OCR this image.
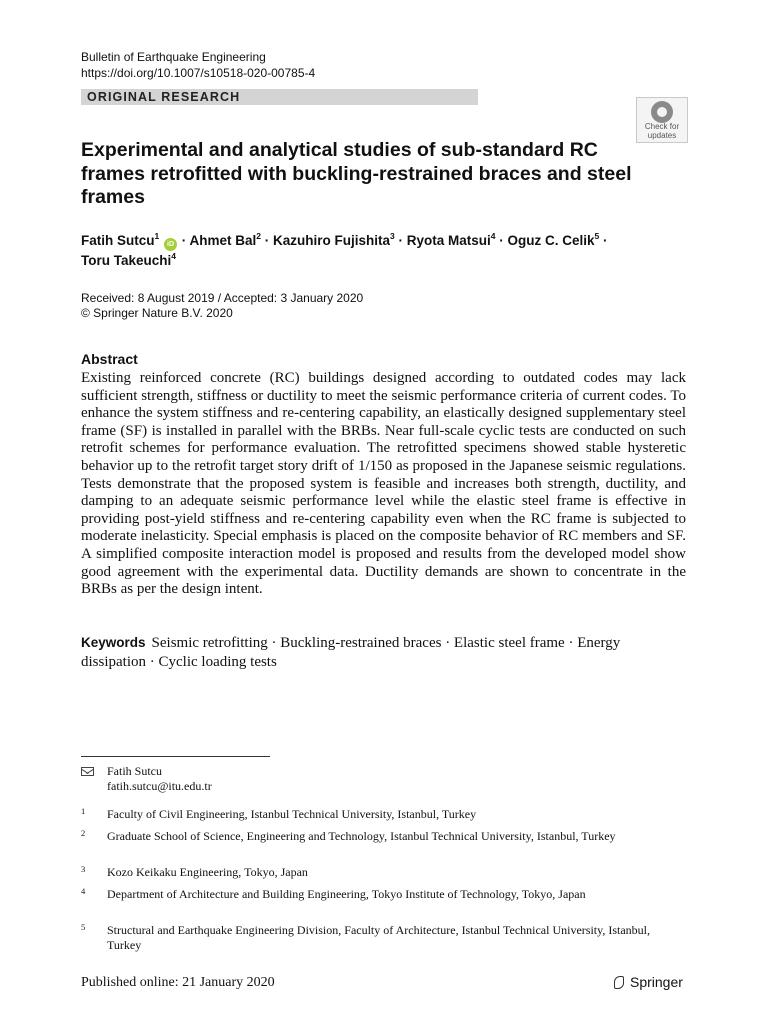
Bulletin of Earthquake Engineering
https://doi.org/10.1007/s10518-020-00785-4
ORIGINAL RESEARCH
Check for updates
Experimental and analytical studies of sub-standard RC frames retrofitted with buckling-restrained braces and steel frames
Fatih Sutcu$^1$ iD · Ahmet Bal$^2$ · Kazuhiro Fujishita$^3$ · Ryota Matsui$^4$ · Oguz C. Celik$^5$ ·
Toru Takeuchi$^4$
Received: 8 August 2019 / Accepted: 3 January 2020
© Springer Nature B.V. 2020
Abstract
Existing reinforced concrete (RC) buildings designed according to outdated codes may lack sufficient strength, stiffness or ductility to meet the seismic performance criteria of current codes. To enhance the system stiffness and re-centering capability, an elastically designed supplementary steel frame (SF) is installed in parallel with the BRBs. Near full-scale cyclic tests are conducted on such retrofit schemes for performance evaluation. The retrofitted specimens showed stable hysteretic behavior up to the retrofit target story drift of 1/150 as proposed in the Japanese seismic regulations. Tests demonstrate that the proposed system is feasible and increases both strength, ductility, and damping to an adequate seismic performance level while the elastic steel frame is effective in providing post-yield stiffness and re-centering capability even when the RC frame is subjected to moderate inelasticity. Special emphasis is placed on the composite behavior of RC members and SF. A simplified composite interaction model is proposed and results from the developed model show good agreement with the experimental data. Ductility demands are shown to concentrate in the BRBs as per the design intent.
Keywords Seismic retrofitting · Buckling-restrained braces · Elastic steel frame · Energy dissipation · Cyclic loading tests
Fatih Sutcu
fatih.sutcu@itu.edu.tr
1 Faculty of Civil Engineering, Istanbul Technical University, Istanbul, Turkey
2 Graduate School of Science, Engineering and Technology, Istanbul Technical University, Istanbul, Turkey
3 Kozo Keikaku Engineering, Tokyo, Japan
4 Department of Architecture and Building Engineering, Tokyo Institute of Technology, Tokyo, Japan
5 Structural and Earthquake Engineering Division, Faculty of Architecture, Istanbul Technical University, Istanbul, Turkey
Published online: 21 January 2020	Springer
